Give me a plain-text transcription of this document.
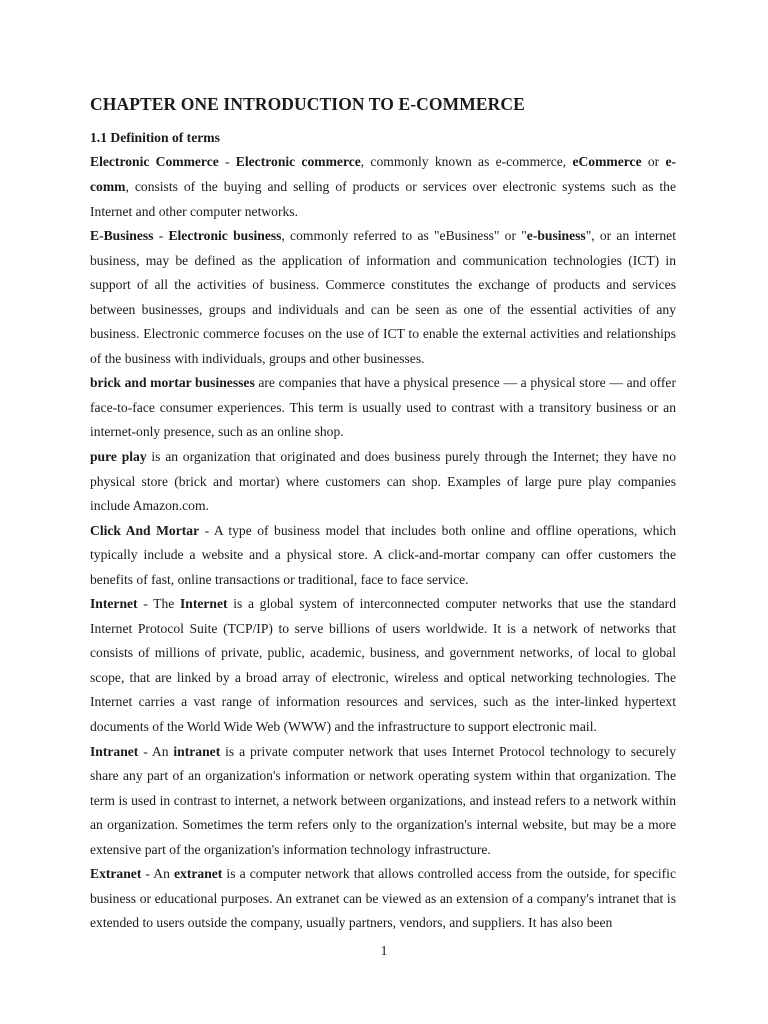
CHAPTER ONE INTRODUCTION TO E-COMMERCE
1.1 Definition of terms

Electronic Commerce - Electronic commerce, commonly known as e-commerce, eCommerce or e-comm, consists of the buying and selling of products or services over electronic systems such as the Internet and other computer networks.

E-Business - Electronic business, commonly referred to as "eBusiness" or "e-business", or an internet business, may be defined as the application of information and communication technologies (ICT) in support of all the activities of business. Commerce constitutes the exchange of products and services between businesses, groups and individuals and can be seen as one of the essential activities of any business. Electronic commerce focuses on the use of ICT to enable the external activities and relationships of the business with individuals, groups and other businesses.

brick and mortar businesses are companies that have a physical presence — a physical store — and offer face-to-face consumer experiences. This term is usually used to contrast with a transitory business or an internet-only presence, such as an online shop.

pure play is an organization that originated and does business purely through the Internet; they have no physical store (brick and mortar) where customers can shop. Examples of large pure play companies include Amazon.com.

Click And Mortar - A type of business model that includes both online and offline operations, which typically include a website and a physical store. A click-and-mortar company can offer customers the benefits of fast, online transactions or traditional, face to face service.

Internet - The Internet is a global system of interconnected computer networks that use the standard Internet Protocol Suite (TCP/IP) to serve billions of users worldwide. It is a network of networks that consists of millions of private, public, academic, business, and government networks, of local to global scope, that are linked by a broad array of electronic, wireless and optical networking technologies. The Internet carries a vast range of information resources and services, such as the inter-linked hypertext documents of the World Wide Web (WWW) and the infrastructure to support electronic mail.

Intranet - An intranet is a private computer network that uses Internet Protocol technology to securely share any part of an organization's information or network operating system within that organization. The term is used in contrast to internet, a network between organizations, and instead refers to a network within an organization. Sometimes the term refers only to the organization's internal website, but may be a more extensive part of the organization's information technology infrastructure.

Extranet - An extranet is a computer network that allows controlled access from the outside, for specific business or educational purposes. An extranet can be viewed as an extension of a company's intranet that is extended to users outside the company, usually partners, vendors, and suppliers. It has also been

1
